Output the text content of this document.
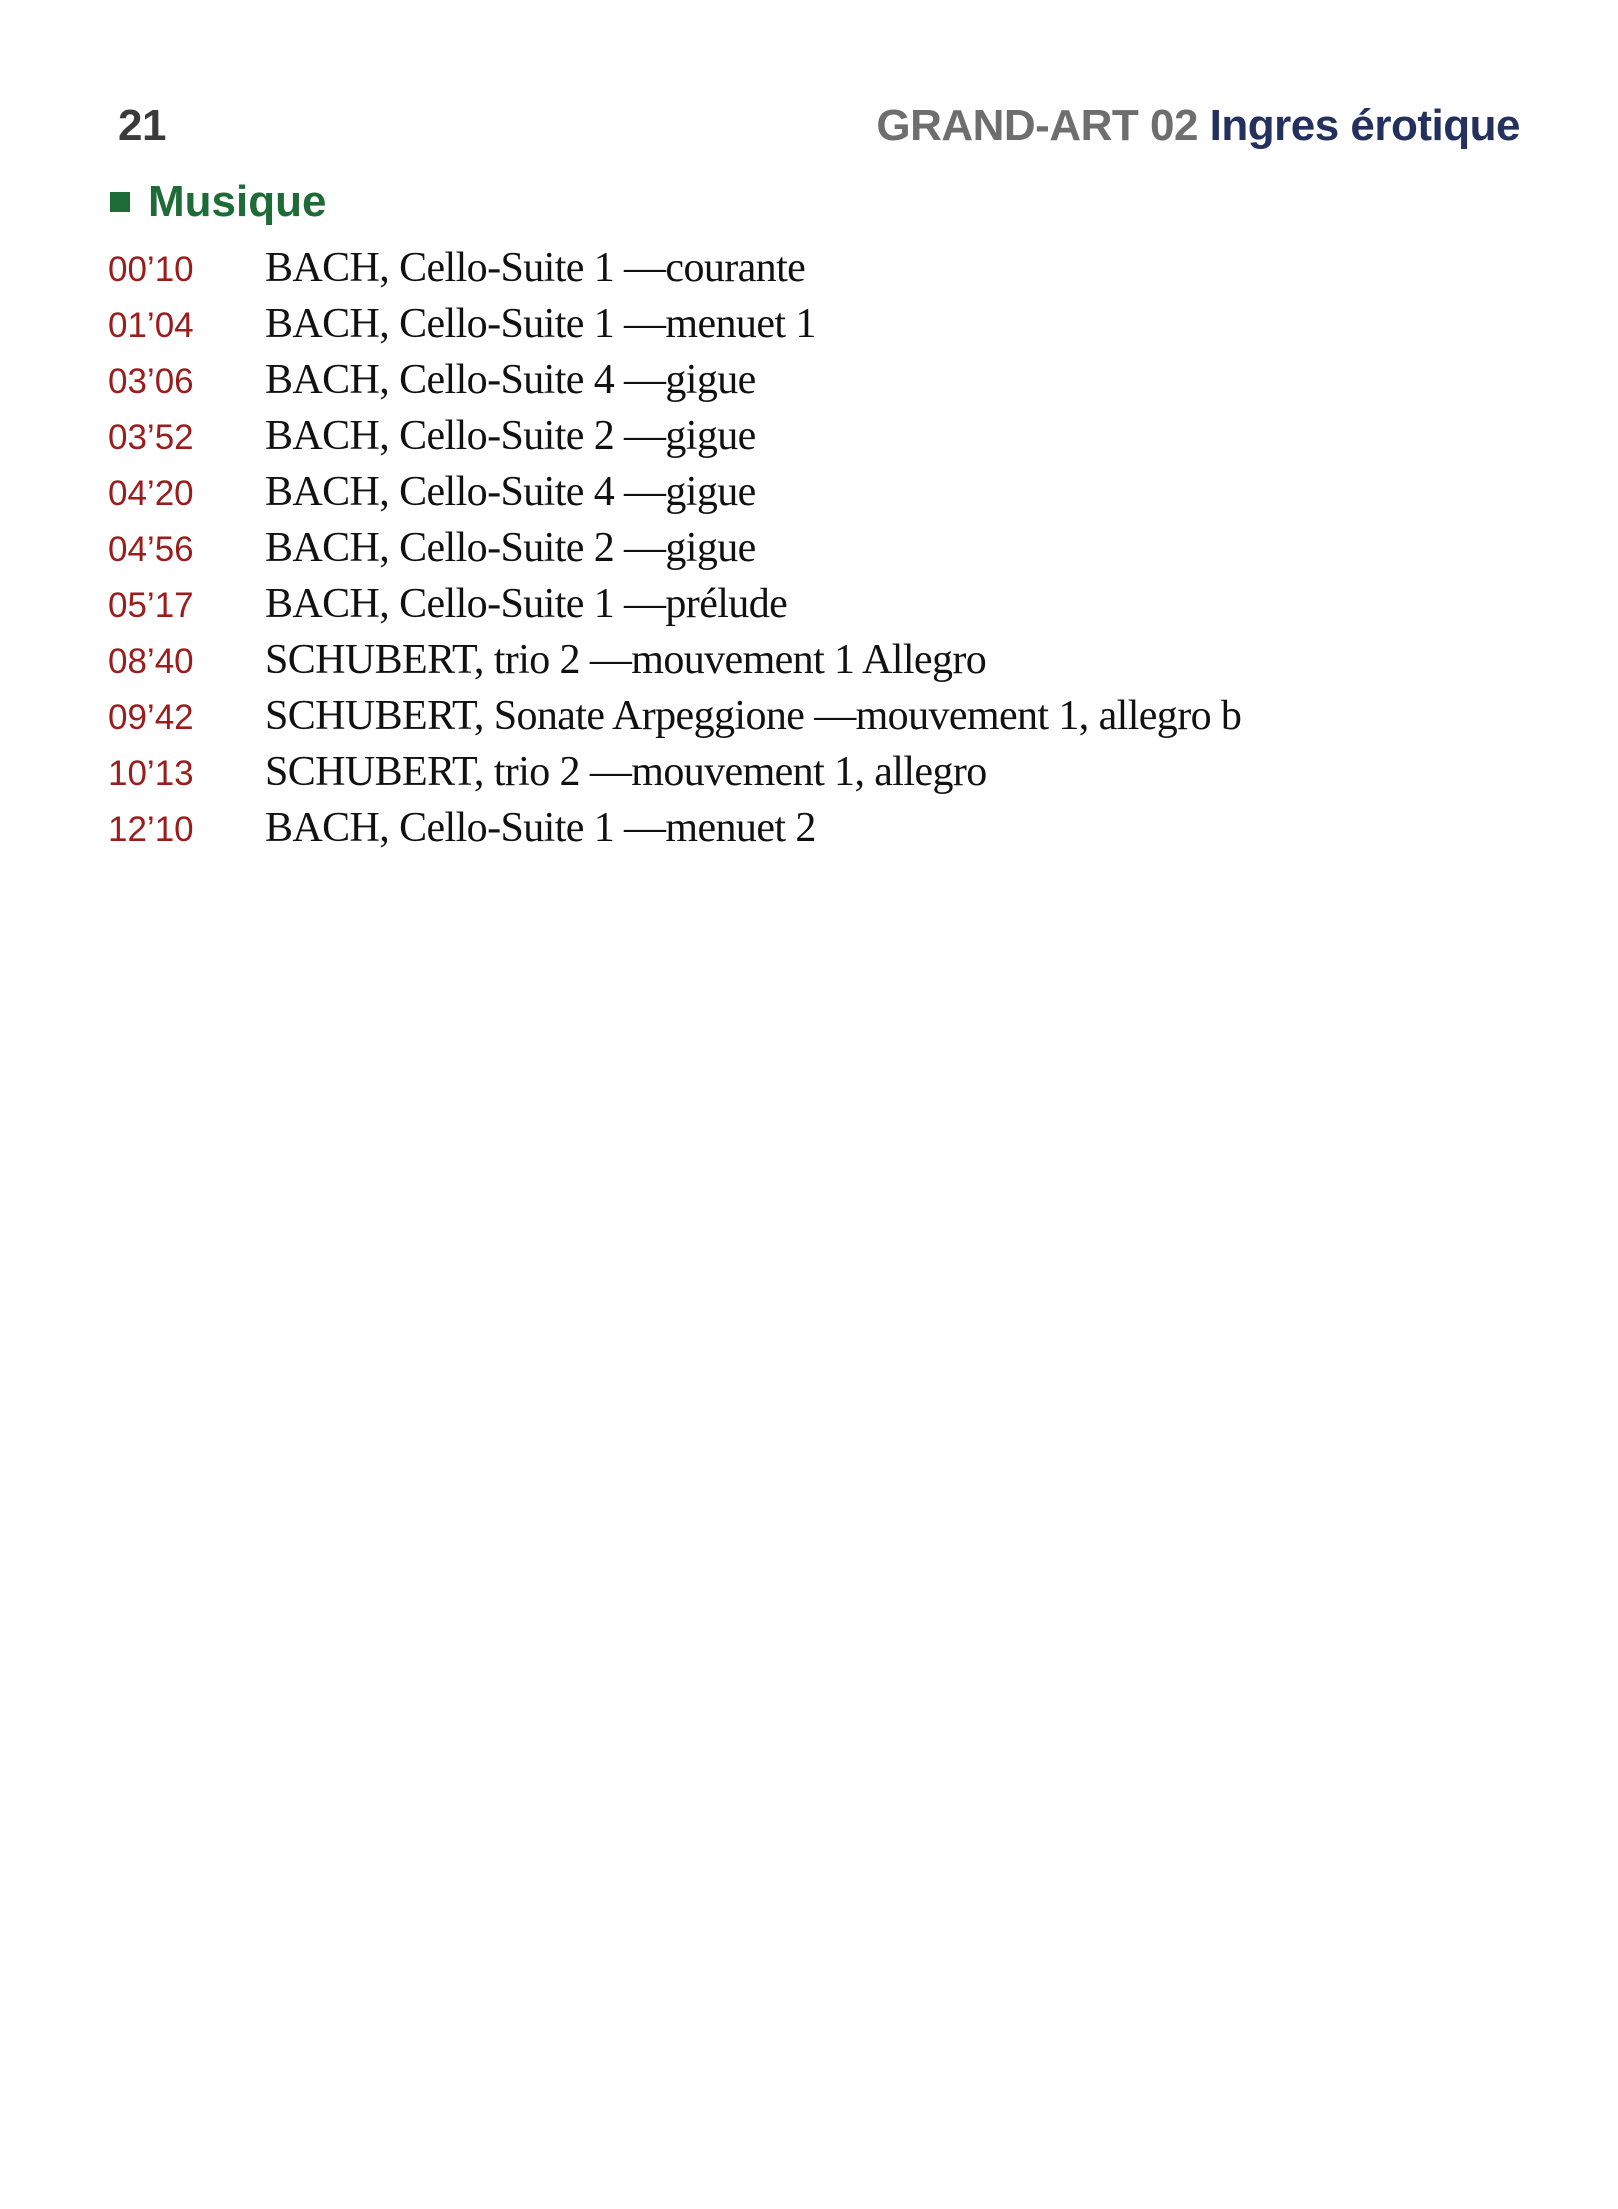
21	GRAND-ART 02 Ingres érotique
Musique
00’10	BACH, Cello-Suite 1 —courante
01’04	BACH, Cello-Suite 1 —menuet 1
03’06	BACH, Cello-Suite 4 —gigue
03’52	BACH, Cello-Suite 2 —gigue
04’20	BACH, Cello-Suite 4 —gigue
04’56	BACH, Cello-Suite 2 —gigue
05’17	BACH, Cello-Suite 1 —prélude
08’40	SCHUBERT, trio 2 —mouvement 1 Allegro
09’42	SCHUBERT, Sonate Arpeggione —mouvement 1, allegro b
10’13	SCHUBERT, trio 2 —mouvement 1, allegro
12’10	BACH, Cello-Suite 1 —menuet 2
